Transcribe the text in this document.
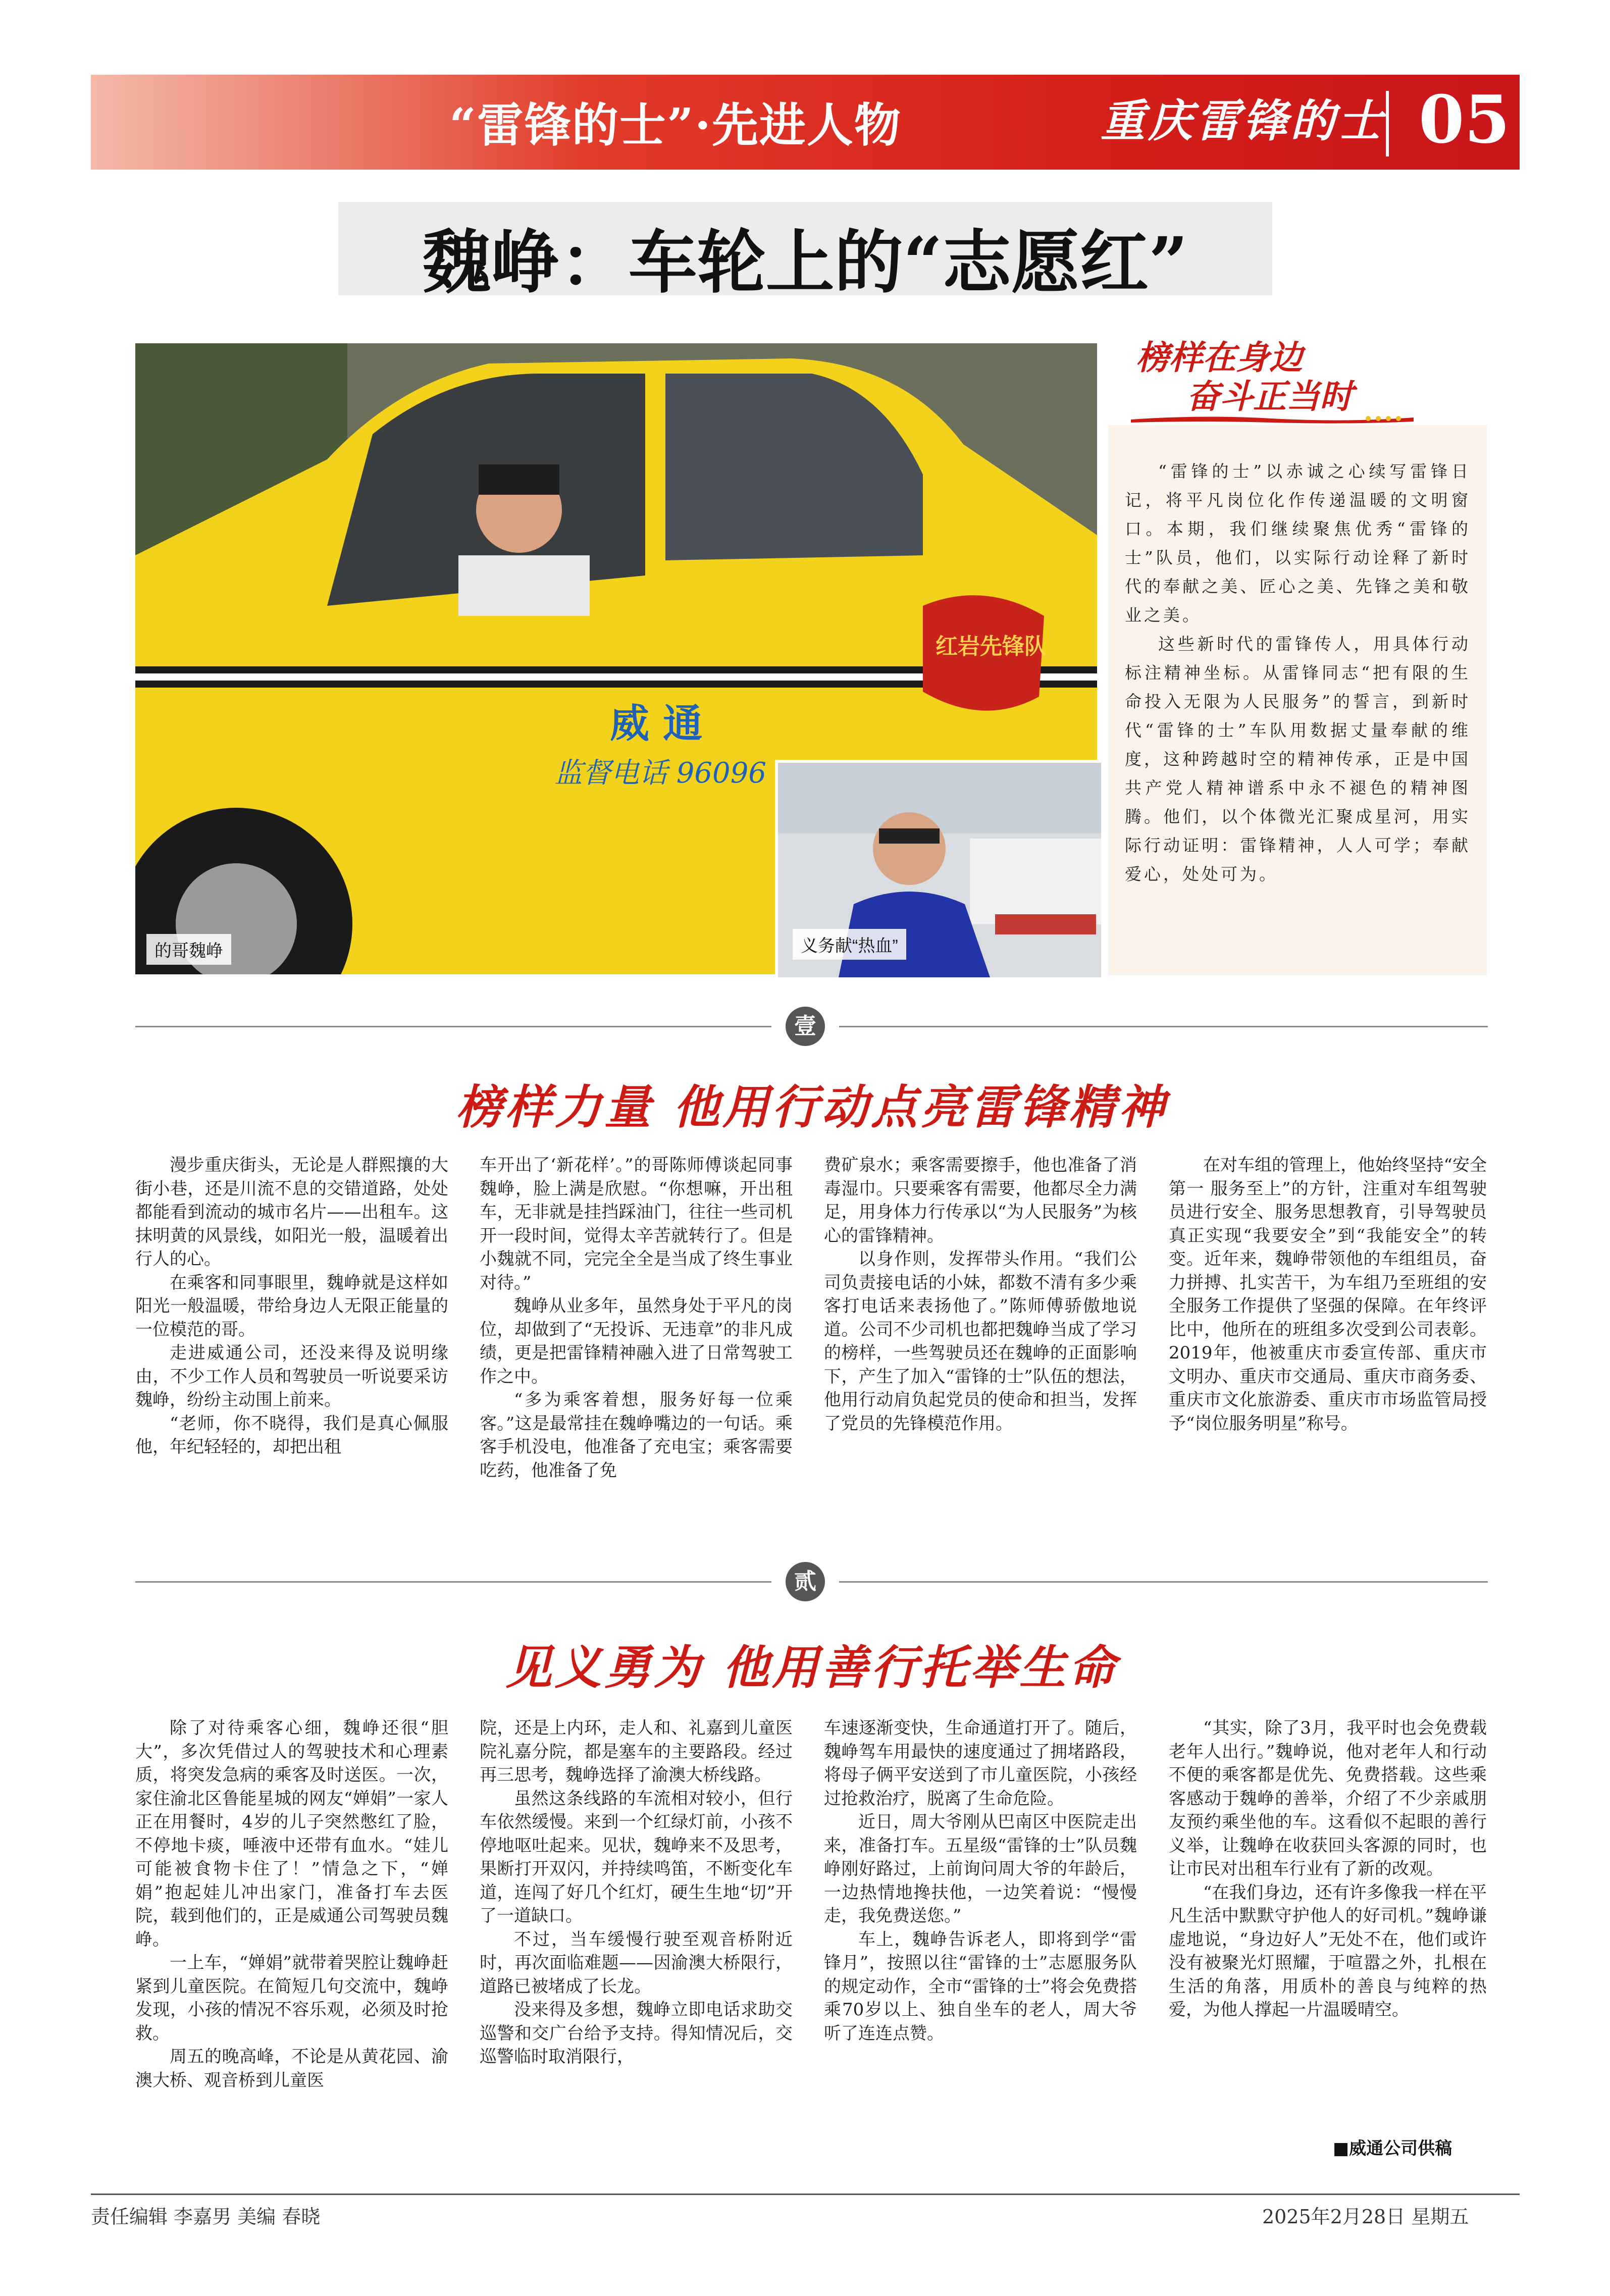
“雷锋的士”·先进人物	重庆雷锋的士 05
魏峥：车轮上的“志愿红”
红岩先锋队
威 通
监督电话 96096
的哥魏峥	义务献“热血”
榜样在身边
奋斗正当时

“雷锋的士”以赤诚之心续写雷锋日记，将平凡岗位化作传递温暖的文明窗口。本期，我们继续聚焦优秀“雷锋的士”队员，他们，以实际行动诠释了新时代的奉献之美、匠心之美、先锋之美和敬业之美。

这些新时代的雷锋传人，用具体行动标注精神坐标。从雷锋同志“把有限的生命投入无限为人民服务”的誓言，到新时代“雷锋的士”车队用数据丈量奉献的维度，这种跨越时空的精神传承，正是中国共产党人精神谱系中永不褪色的精神图腾。他们，以个体微光汇聚成星河，用实际行动证明：雷锋精神，人人可学；奉献爱心，处处可为。

壹
榜样力量 他用行动点亮雷锋精神

漫步重庆街头，无论是人群熙攘的大街小巷，还是川流不息的交错道路，处处都能看到流动的城市名片——出租车。这抹明黄的风景线，如阳光一般，温暖着出行人的心。

在乘客和同事眼里，魏峥就是这样如阳光一般温暖，带给身边人无限正能量的一位模范的哥。

走进威通公司，还没来得及说明缘由，不少工作人员和驾驶员一听说要采访魏峥，纷纷主动围上前来。

“老师，你不晓得，我们是真心佩服他，年纪轻轻的，却把出租

车开出了‘新花样’。”的哥陈师傅谈起同事魏峥，脸上满是欣慰。“你想嘛，开出租车，无非就是挂挡踩油门，往往一些司机开一段时间，觉得太辛苦就转行了。但是小魏就不同，完完全全是当成了终生事业对待。”

魏峥从业多年，虽然身处于平凡的岗位，却做到了“无投诉、无违章”的非凡成绩，更是把雷锋精神融入进了日常驾驶工作之中。

“多为乘客着想，服务好每一位乘客。”这是最常挂在魏峥嘴边的一句话。乘客手机没电，他准备了充电宝；乘客需要吃药，他准备了免

费矿泉水；乘客需要擦手，他也准备了消毒湿巾。只要乘客有需要，他都尽全力满足，用身体力行传承以“为人民服务”为核心的雷锋精神。

以身作则，发挥带头作用。“我们公司负责接电话的小妹，都数不清有多少乘客打电话来表扬他了。”陈师傅骄傲地说道。公司不少司机也都把魏峥当成了学习的榜样，一些驾驶员还在魏峥的正面影响下，产生了加入“雷锋的士”队伍的想法，他用行动肩负起党员的使命和担当，发挥了党员的先锋模范作用。

在对车组的管理上，他始终坚持“安全第一 服务至上”的方针，注重对车组驾驶员进行安全、服务思想教育，引导驾驶员真正实现“我要安全”到“我能安全”的转变。近年来，魏峥带领他的车组组员，奋力拼搏、扎实苦干，为车组乃至班组的安全服务工作提供了坚强的保障。在年终评比中，他所在的班组多次受到公司表彰。2019年，他被重庆市委宣传部、重庆市文明办、重庆市交通局、重庆市商务委、重庆市文化旅游委、重庆市市场监管局授予“岗位服务明星”称号。

贰
见义勇为 他用善行托举生命

除了对待乘客心细，魏峥还很“胆大”，多次凭借过人的驾驶技术和心理素质，将突发急病的乘客及时送医。一次，家住渝北区鲁能星城的网友“婵娟”一家人正在用餐时，4岁的儿子突然憋红了脸，不停地卡痰，唾液中还带有血水。“娃儿可能被食物卡住了！”情急之下，“婵娟”抱起娃儿冲出家门，准备打车去医院，载到他们的，正是威通公司驾驶员魏峥。

一上车，“婵娟”就带着哭腔让魏峥赶紧到儿童医院。在简短几句交流中，魏峥发现，小孩的情况不容乐观，必须及时抢救。

周五的晚高峰，不论是从黄花园、渝澳大桥、观音桥到儿童医

院，还是上内环，走人和、礼嘉到儿童医院礼嘉分院，都是塞车的主要路段。经过再三思考，魏峥选择了渝澳大桥线路。

虽然这条线路的车流相对较小，但行车依然缓慢。来到一个红绿灯前，小孩不停地呕吐起来。见状，魏峥来不及思考，果断打开双闪，并持续鸣笛，不断变化车道，连闯了好几个红灯，硬生生地“切”开了一道缺口。

不过，当车缓慢行驶至观音桥附近时，再次面临难题——因渝澳大桥限行，道路已被堵成了长龙。

没来得及多想，魏峥立即电话求助交巡警和交广台给予支持。得知情况后，交巡警临时取消限行，

车速逐渐变快，生命通道打开了。随后，魏峥驾车用最快的速度通过了拥堵路段，将母子俩平安送到了市儿童医院，小孩经过抢救治疗，脱离了生命危险。

近日，周大爷刚从巴南区中医院走出来，准备打车。五星级“雷锋的士”队员魏峥刚好路过，上前询问周大爷的年龄后，一边热情地搀扶他，一边笑着说：“慢慢走，我免费送您。”

车上，魏峥告诉老人，即将到学“雷锋月”，按照以往“雷锋的士”志愿服务队的规定动作，全市“雷锋的士”将会免费搭乘70岁以上、独自坐车的老人，周大爷听了连连点赞。

“其实，除了3月，我平时也会免费载老年人出行。”魏峥说，他对老年人和行动不便的乘客都是优先、免费搭载。这些乘客感动于魏峥的善举，介绍了不少亲戚朋友预约乘坐他的车。这看似不起眼的善行义举，让魏峥在收获回头客源的同时，也让市民对出租车行业有了新的改观。

“在我们身边，还有许多像我一样在平凡生活中默默守护他人的好司机。”魏峥谦虚地说，“身边好人”无处不在，他们或许没有被聚光灯照耀，于喧嚣之外，扎根在生活的角落，用质朴的善良与纯粹的热爱，为他人撑起一片温暖晴空。

■威通公司供稿
责任编辑 李嘉男 美编 春晓	2025年2月28日 星期五
